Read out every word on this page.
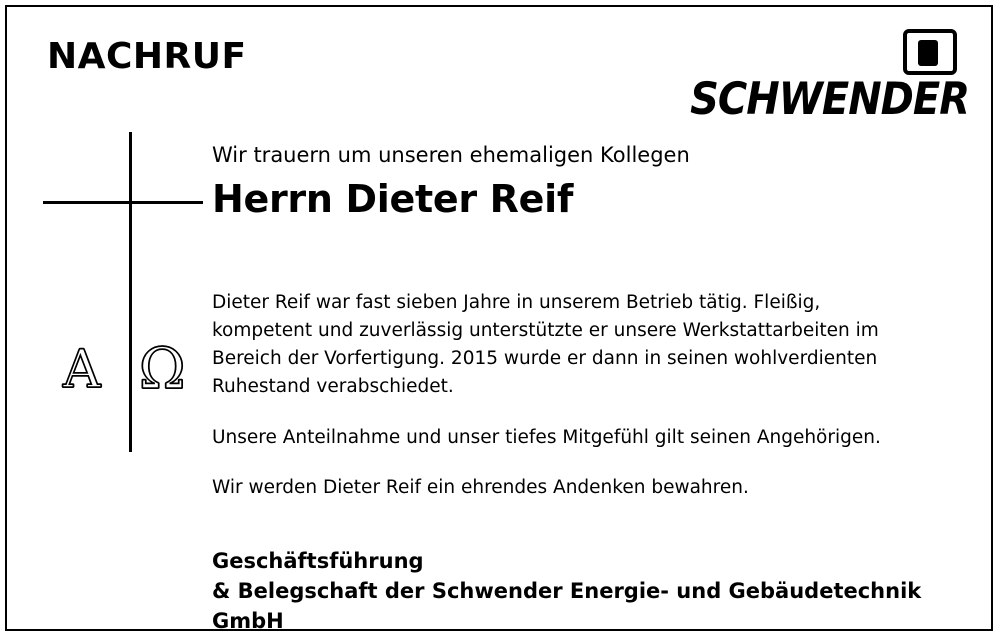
NACHRUF
SCHWENDER
A Ω

Wir trauern um unseren ehemaligen Kollegen

Herrn Dieter Reif

Dieter Reif war fast sieben Jahre in unserem Betrieb tätig. Fleißig, kompetent und zuverlässig unterstützte er unsere Werkstattarbeiten im Bereich der Vorfertigung. 2015 wurde er dann in seinen wohlverdienten Ruhestand verabschiedet.

Unsere Anteilnahme und unser tiefes Mitgefühl gilt seinen Angehörigen.

Wir werden Dieter Reif ein ehrendes Andenken bewahren.

Geschäftsführung
& Belegschaft der Schwender Energie- und Gebäudetechnik GmbH
